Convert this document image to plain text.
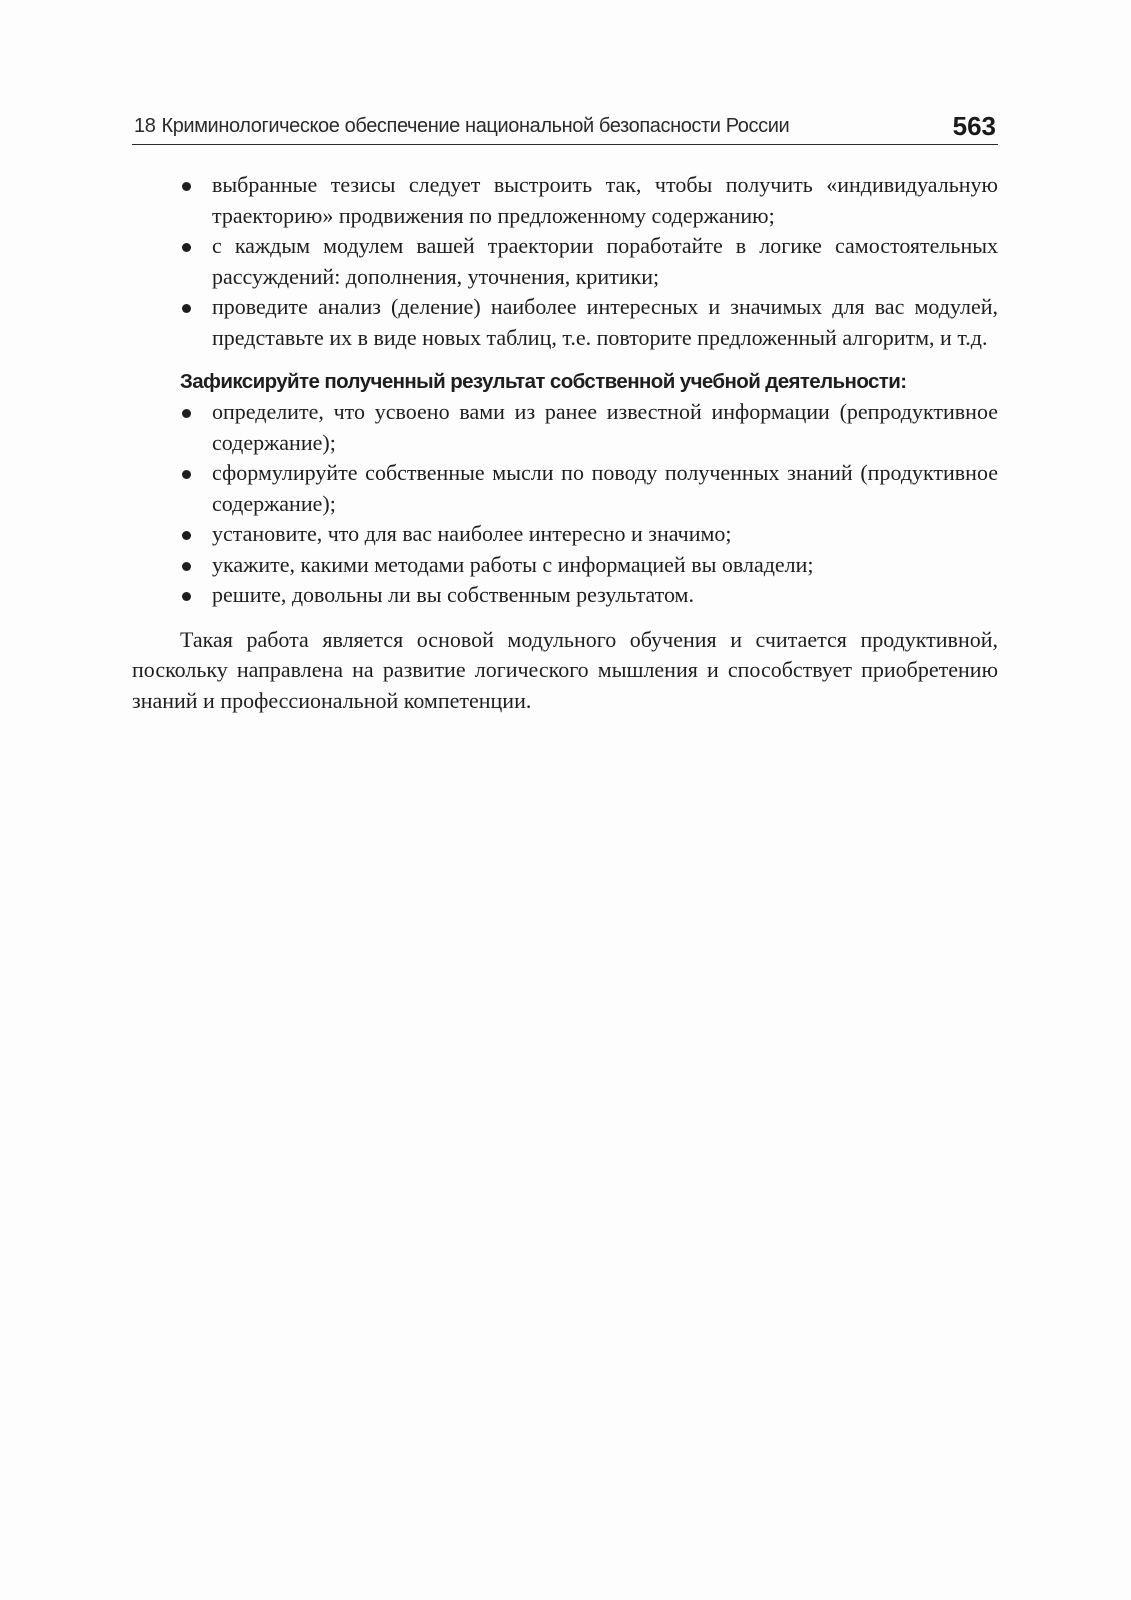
18 Криминологическое обеспечение национальной безопасности России	563
выбранные тезисы следует выстроить так, чтобы получить «индивидуальную траекторию» продвижения по предложенному содержанию;
с каждым модулем вашей траектории поработайте в логике самостоятельных рассуждений: дополнения, уточнения, критики;
проведите анализ (деление) наиболее интересных и значимых для вас модулей, представьте их в виде новых таблиц, т.е. повторите предложенный алгоритм, и т.д.
Зафиксируйте полученный результат собственной учебной деятельности:
определите, что усвоено вами из ранее известной информации (репродуктивное содержание);
сформулируйте собственные мысли по поводу полученных знаний (продуктивное содержание);
установите, что для вас наиболее интересно и значимо;
укажите, какими методами работы с информацией вы овладели;
решите, довольны ли вы собственным результатом.

Такая работа является основой модульного обучения и считается продуктивной, поскольку направлена на развитие логического мышления и способствует приобретению знаний и профессиональной компетенции.
